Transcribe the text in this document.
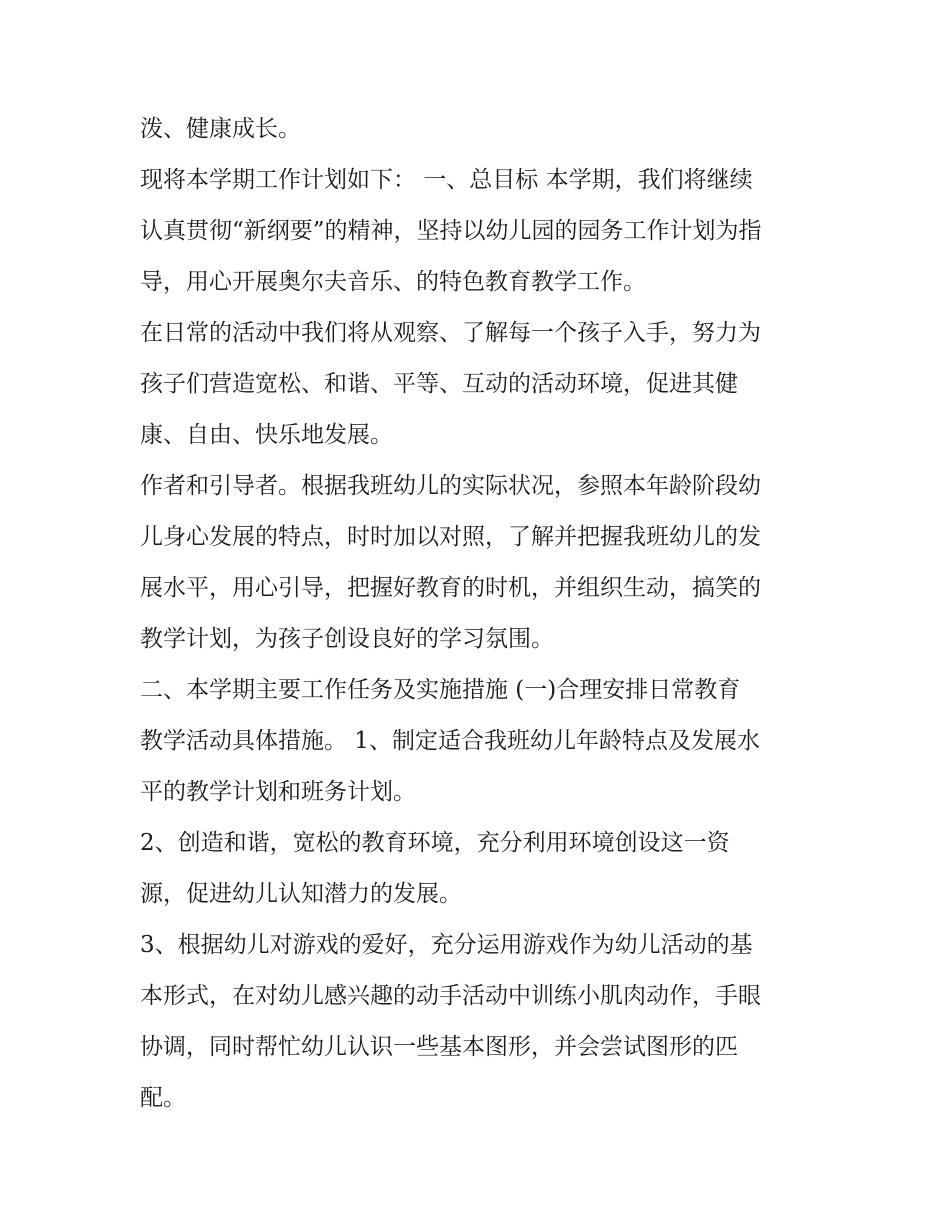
泼、健康成长。
现将本学期工作计划如下： 一、总目标 本学期，我们将继续
认真贯彻“新纲要”的精神，坚持以幼儿园的园务工作计划为指
导，用心开展奥尔夫音乐、的特色教育教学工作。
在日常的活动中我们将从观察、了解每一个孩子入手，努力为
孩子们营造宽松、和谐、平等、互动的活动环境，促进其健
康、自由、快乐地发展。
作者和引导者。根据我班幼儿的实际状况，参照本年龄阶段幼
儿身心发展的特点，时时加以对照，了解并把握我班幼儿的发
展水平，用心引导，把握好教育的时机，并组织生动，搞笑的
教学计划，为孩子创设良好的学习氛围。
二、本学期主要工作任务及实施措施 (一)合理安排日常教育
教学活动具体措施。 1、制定适合我班幼儿年龄特点及发展水
平的教学计划和班务计划。
2、创造和谐，宽松的教育环境，充分利用环境创设这一资
源，促进幼儿认知潜力的发展。
3、根据幼儿对游戏的爱好，充分运用游戏作为幼儿活动的基
本形式，在对幼儿感兴趣的动手活动中训练小肌肉动作，手眼
协调，同时帮忙幼儿认识一些基本图形，并会尝试图形的匹
配。
